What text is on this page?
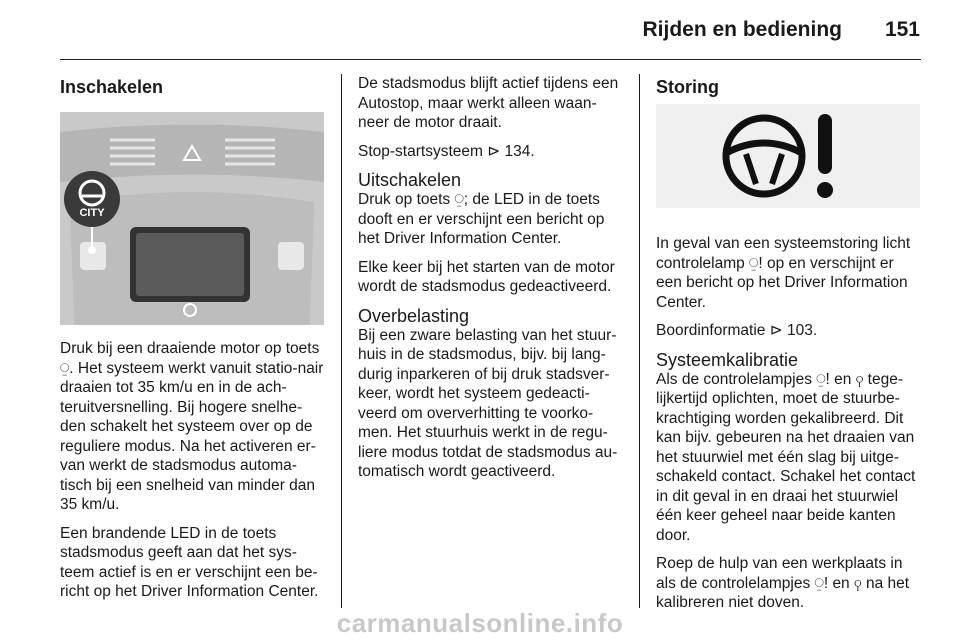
Rijden en bediening 151
Inschakelen
CITY

Druk bij een draaiende motor op toets ⍜. Het systeem werkt vanuit statio-nair draaien tot 35 km/u en in de ach-teruitversnelling. Bij hogere snelhe-den schakelt het systeem over op de reguliere modus. Na het activeren er-van werkt de stadsmodus automa-tisch bij een snelheid van minder dan 35 km/u.

Een brandende LED in de toets stadsmodus geeft aan dat het sys-teem actief is en er verschijnt een be-richt op het Driver Information Center.

De stadsmodus blijft actief tijdens een Autostop, maar werkt alleen waan-neer de motor draait.

Stop-startsysteem ⊳ 134.

Uitschakelen

Druk op toets ⍜; de LED in de toets dooft en er verschijnt een bericht op het Driver Information Center.

Elke keer bij het starten van de motor wordt de stadsmodus gedeactiveerd.

Overbelasting

Bij een zware belasting van het stuur-huis in de stadsmodus, bijv. bij lang-durig inparkeren of bij druk stadsver-keer, wordt het systeem gedeacti-veerd om oververhitting te voorko-men. Het stuurhuis werkt in de regu-liere modus totdat de stadsmodus au-tomatisch wordt geactiveerd.

Storing

In geval van een systeemstoring licht controlelamp ⍜! op en verschijnt er een bericht op het Driver Information Center.

Boordinformatie ⊳ 103.

Systeemkalibratie

Als de controlelampjes ⍜! en ⚲ tege-lijkertijd oplichten, moet de stuurbe-krachtiging worden gekalibreerd. Dit kan bijv. gebeuren na het draaien van het stuurwiel met één slag bij uitge-schakeld contact. Schakel het contact in dit geval in en draai het stuurwiel één keer geheel naar beide kanten door.

Roep de hulp van een werkplaats in als de controlelampjes ⍜! en ⚲ na het kalibreren niet doven.

carmanualsonline.info
